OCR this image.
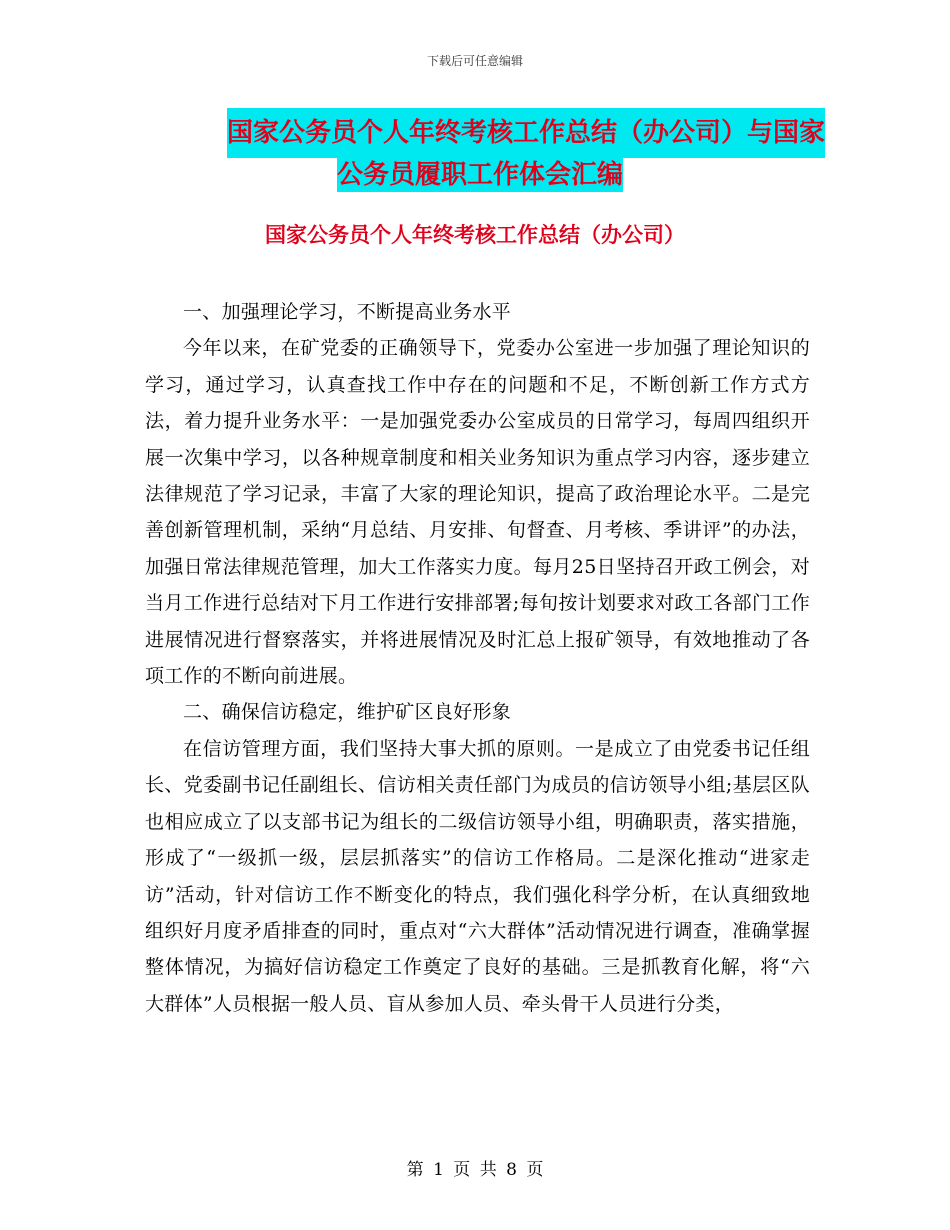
下载后可任意编辑
国家公务员个人年终考核工作总结（办公司）与国家
公务员履职工作体会汇编
国家公务员个人年终考核工作总结（办公司）

一、加强理论学习，不断提高业务水平

今年以来，在矿党委的正确领导下，党委办公室进一步加强了理论知识的学习，通过学习，认真查找工作中存在的问题和不足，不断创新工作方式方法，着力提升业务水平：一是加强党委办公室成员的日常学习，每周四组织开展一次集中学习，以各种规章制度和相关业务知识为重点学习内容，逐步建立法律规范了学习记录，丰富了大家的理论知识，提高了政治理论水平。二是完善创新管理机制，采纳“月总结、月安排、旬督查、月考核、季讲评”的办法，加强日常法律规范管理，加大工作落实力度。每月25日坚持召开政工例会，对当月工作进行总结对下月工作进行安排部署;每旬按计划要求对政工各部门工作进展情况进行督察落实，并将进展情况及时汇总上报矿领导，有效地推动了各项工作的不断向前进展。

二、确保信访稳定，维护矿区良好形象

在信访管理方面，我们坚持大事大抓的原则。一是成立了由党委书记任组长、党委副书记任副组长、信访相关责任部门为成员的信访领导小组;基层区队也相应成立了以支部书记为组长的二级信访领导小组，明确职责，落实措施，形成了“一级抓一级，层层抓落实”的信访工作格局。二是深化推动“进家走访”活动，针对信访工作不断变化的特点，我们强化科学分析，在认真细致地组织好月度矛盾排查的同时，重点对“六大群体”活动情况进行调查，准确掌握整体情况，为搞好信访稳定工作奠定了良好的基础。三是抓教育化解，将“六大群体”人员根据一般人员、盲从参加人员、牵头骨干人员进行分类，

第 1 页 共 8 页
